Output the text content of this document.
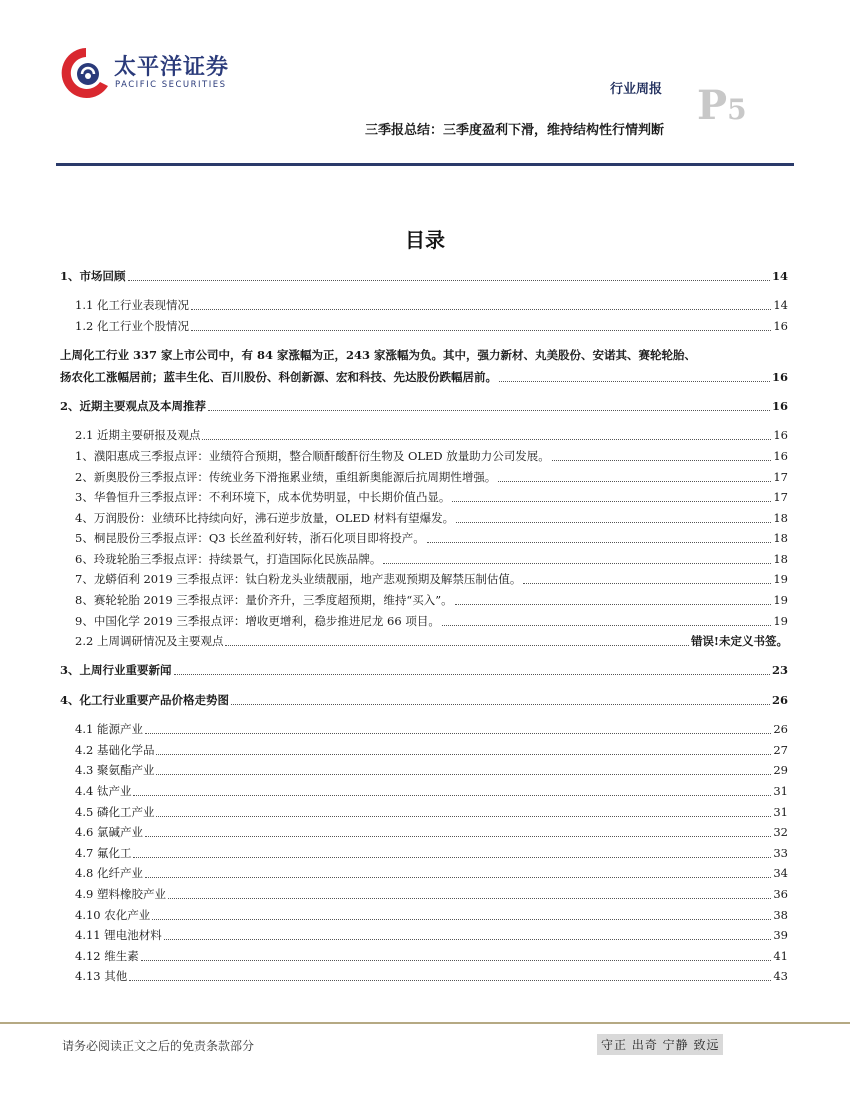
太平洋证券
PACIFIC SECURITIES	行业周报 P5
三季报总结：三季度盈利下滑，维持结构性行情判断
目录
1、市场回顾	14
1.1 化工行业表现情况	14
1.2 化工行业个股情况	16
上周化工行业 337 家上市公司中，有 84 家涨幅为正，243 家涨幅为负。其中，强力新材、丸美股份、安诺其、赛轮轮胎、
扬农化工涨幅居前；蓝丰生化、百川股份、科创新源、宏和科技、先达股份跌幅居前。	16
2、近期主要观点及本周推荐	16
2.1 近期主要研报及观点	16
1、濮阳惠成三季报点评：业绩符合预期，整合顺酐酸酐衍生物及 OLED 放量助力公司发展。	16
2、新奥股份三季报点评：传统业务下滑拖累业绩，重组新奥能源后抗周期性增强。	17
3、华鲁恒升三季报点评：不利环境下，成本优势明显，中长期价值凸显。	17
4、万润股份：业绩环比持续向好，沸石逆步放量，OLED 材料有望爆发。	18
5、桐昆股份三季报点评：Q3 长丝盈利好转，浙石化项目即将投产。	18
6、玲珑轮胎三季报点评：持续景气，打造国际化民族品牌。	18
7、龙蟒佰利 2019 三季报点评：钛白粉龙头业绩靓丽，地产悲观预期及解禁压制估值。	19
8、赛轮轮胎 2019 三季报点评：量价齐升，三季度超预期，维持“买入”。	19
9、中国化学 2019 三季报点评：增收更增利，稳步推进尼龙 66 项目。	19
2.2 上周调研情况及主要观点	错误!未定义书签。
3、上周行业重要新闻	23
4、化工行业重要产品价格走势图	26
4.1 能源产业	26
4.2 基础化学品	27
4.3 聚氨酯产业	29
4.4 钛产业	31
4.5 磷化工产业	31
4.6 氯碱产业	32
4.7 氟化工	33
4.8 化纤产业	34
4.9 塑料橡胶产业	36
4.10 农化产业	38
4.11 锂电池材料	39
4.12 维生素	41
4.13 其他	43
请务必阅读正文之后的免责条款部分	守正 出奇 宁静 致远
